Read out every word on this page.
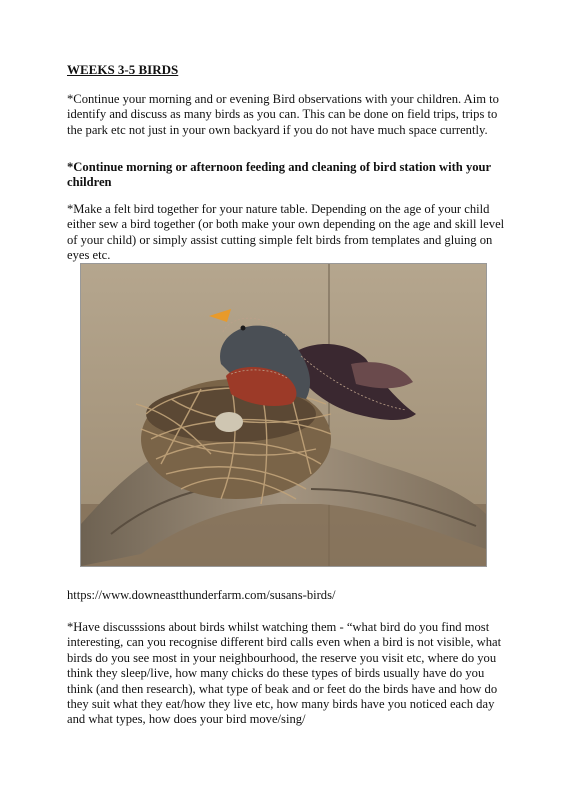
WEEKS 3-5 BIRDS

*Continue your morning and or evening Bird observations with your children. Aim to identify and discuss as many birds as you can. This can be done on field trips, trips to the park etc not just in your own backyard if you do not have much space currently.

*Continue morning or afternoon feeding and cleaning of bird station with your children

*Make a felt bird together for your nature table. Depending on the age of your child either sew a bird together (or both make your own depending on the age and skill level of your child) or simply assist cutting simple felt birds from templates and gluing on eyes etc.

https://www.downeastthunderfarm.com/susans-birds/

*Have discusssions about birds whilst watching them - “what bird do you find most interesting, can you recognise different bird calls even when a bird is not visible, what birds do you see most in your neighbourhood, the reserve you visit etc, where do you think they sleep/live, how many chicks do these types of birds usually have do you think (and then research), what type of beak and or feet do the birds have and how do they suit what they eat/how they live etc, how many birds have you noticed each day and what types, how does your bird move/sing/
